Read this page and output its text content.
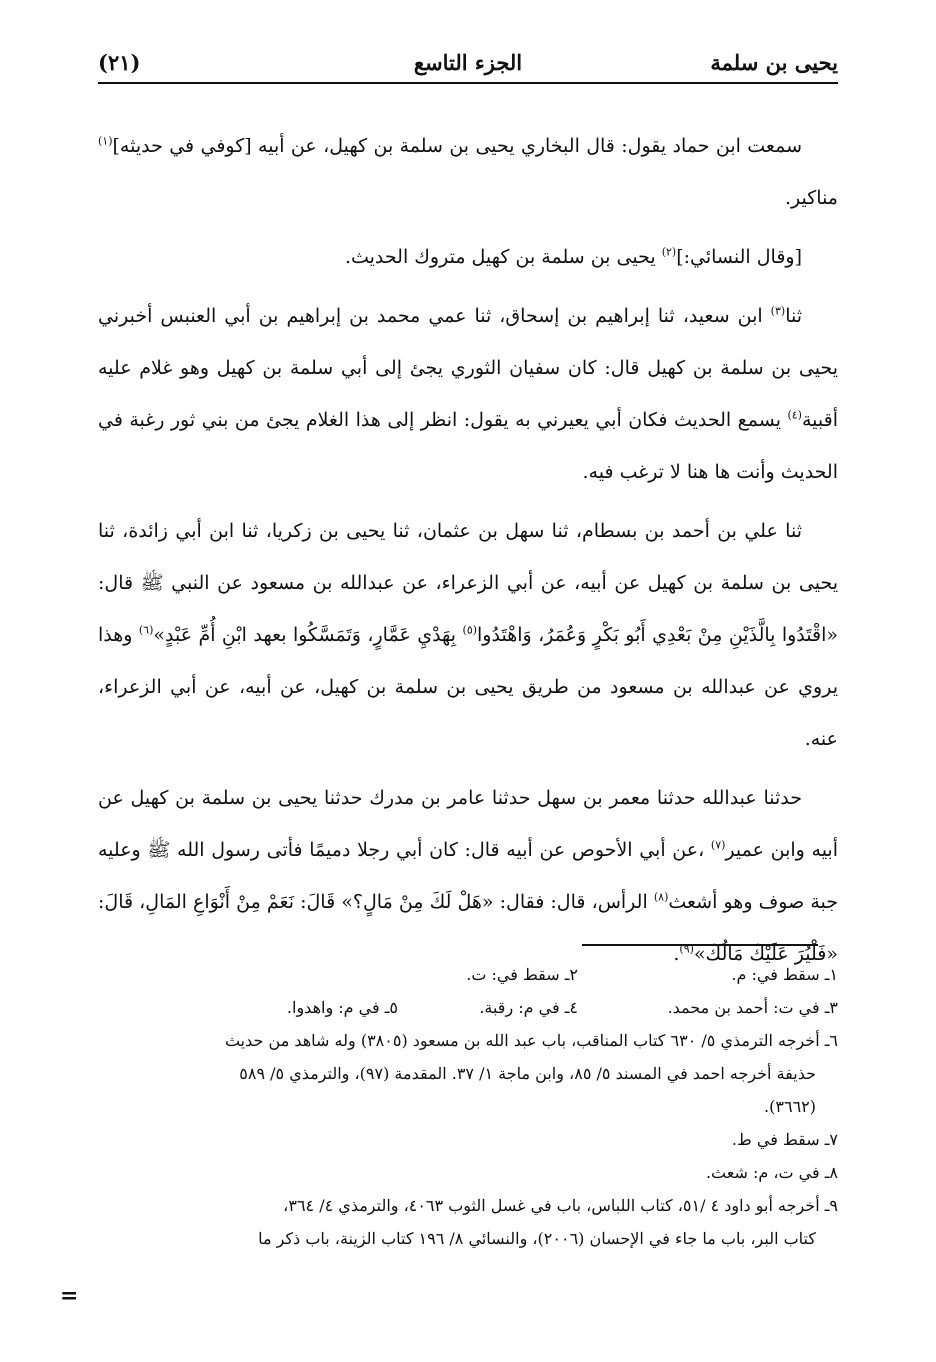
يحيى بن سلمة
الجزء التاسع
(٢١)

سمعت ابن حماد يقول: قال البخاري يحيى بن سلمة بن كهيل، عن أبيه [كوفي في حديثه]$^{(١)}$ مناكير.

[وقال النسائي:]$^{(٢)}$ يحيى بن سلمة بن كهيل متروك الحديث.

ثنا$^{(٣)}$ ابن سعيد، ثنا إبراهيم بن إسحاق، ثنا عمي محمد بن إبراهيم بن أبي العنبس أخبرني يحيى بن سلمة بن كهيل قال: كان سفيان الثوري يجئ إلى أبي سلمة بن كهيل وهو غلام عليه أقبية$^{(٤)}$ يسمع الحديث فكان أبي يعيرني به يقول: انظر إلى هذا الغلام يجئ من بني ثور رغبة في الحديث وأنت ها هنا لا ترغب فيه.

ثنا علي بن أحمد بن بسطام، ثنا سهل بن عثمان، ثنا يحيى بن زكريا، ثنا ابن أبي زائدة، ثنا يحيى بن سلمة بن كهيل عن أبيه، عن أبي الزعراء، عن عبدالله بن مسعود عن النبي ﷺ قال: «اقْتَدُوا بِالَّذَيْنِ مِنْ بَعْدِي أَبُو بَكْرٍ وَعُمَرُ، وَاهْتَدُوا$^{(٥)}$ بِهَدْيِ عَمَّارٍ، وَتَمَسَّكُوا بعهد ابْنِ أُمِّ عَبْدٍ»$^{(٦)}$ وهذا يروي عن عبدالله بن مسعود من طريق يحيى بن سلمة بن كهيل، عن أبيه، عن أبي الزعراء، عنه.

حدثنا عبدالله حدثنا معمر بن سهل حدثنا عامر بن مدرك حدثنا يحيى بن سلمة بن كهيل عن أبيه وابن عمير$^{(٧)}$ ،عن أبي الأحوص عن أبيه قال: كان أبي رجلا دميمًا فأتى رسول الله ﷺ وعليه جبة صوف وهو أشعث$^{(٨)}$ الرأس، قال: فقال: «هَلْ لَكَ مِنْ مَالٍ؟» قَالَ: نَعَمْ مِنْ أَنْوَاعِ المَالِ، قَالَ: «فَلْيُرَ عَلَيْكَ مَالُكَ»$^{(٩)}$.

١ـ سقط في: م.
٢ـ سقط في: ت.
٣ـ في ت: أحمد بن محمد.
٤ـ في م: رقبة.
٥ـ في م: واهدوا.
٦ـ أخرجه الترمذي ٥/ ٦٣٠ كتاب المناقب، باب عبد الله بن مسعود (٣٨٠٥) وله شاهد من حديث
حذيفة أخرجه احمد في المسند ٥/ ٨٥، وابن ماجة ١/ ٣٧. المقدمة (٩٧)، والترمذي ٥/ ٥٨٩
(٣٦٦٢).
٧ـ سقط في ط.
٨ـ في ت، م: شعث.
٩ـ أخرجه أبو داود ٤ /٥١، كتاب اللباس، باب في غسل الثوب ٤٠٦٣، والترمذي ٤/ ٣٦٤،
كتاب البر، باب ما جاء في الإحسان (٢٠٠٦)، والنسائي ٨/ ١٩٦ كتاب الزينة، باب ذكر ما
=
